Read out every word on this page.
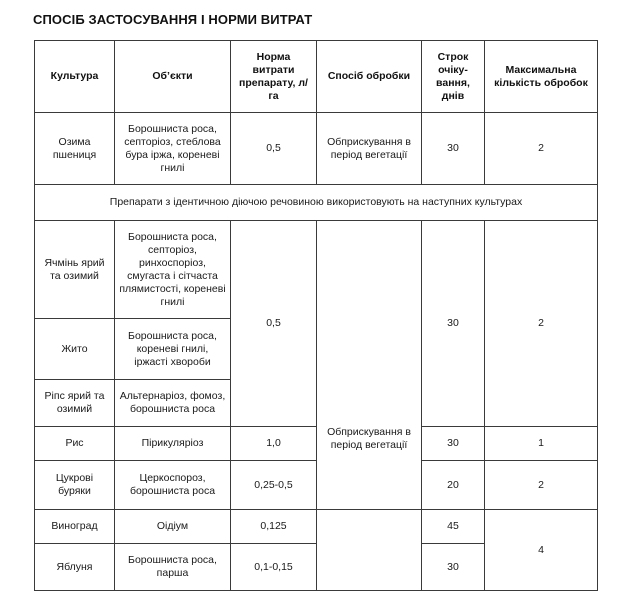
СПОСІБ ЗАСТОСУВАННЯ І НОРМИ ВИТРАТ
Культура	Об’єкти	Норма витрати препарату, л/га	Спосіб обробки	Строк очіку-вання, днів	Максимальна кількість обробок
Озима пшениця	Борошниста роса, септоріоз, стеблова бура іржа, кореневі гнилі	0,5	Обприскування в період вегетації	30	2
Препарати з ідентичною діючою речовиною використовують на наступних культурах					
Ячмінь ярий та озимий	Борошниста роса, септоріоз, ринхоспоріоз, смугаста і сітчаста плямистості, кореневі гнилі	0,5	Обприскування в період вегетації	30	2
Жито	Борошниста роса, кореневі гнилі, іржасті хвороби				
Ріпс ярий та озимий	Альтернаріоз, фомоз, борошниста роса				
Рис	Пірикуляріоз	1,0		30	1
Цукрові буряки	Церкоспороз, борошниста роса	0,25-0,5		20	2
Виноград	Оідіум	0,125		45	4
Яблуня	Борошниста роса, парша	0,1-0,15		30	
